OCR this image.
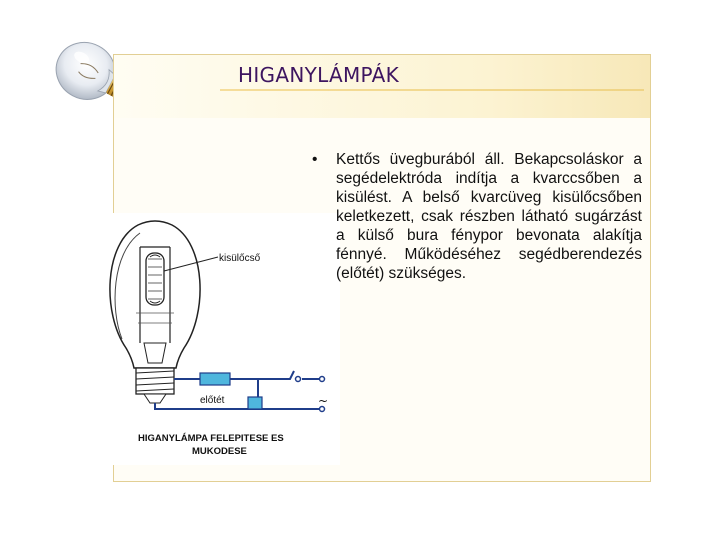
HIGANYLÁMPÁK
kisülőcső
előtét	~
HIGANYLÁMPA FELEPITESE ES
MUKODESE
•	Kettős üvegburából áll. Bekapcsoláskor a segédelektróda indítja a kvarccsőben a kisülést. A belső kvarcüveg kisülőcsőben keletkezett, csak részben látható sugárzást a külső bura fénypor bevonata alakítja fénnyé. Működéséhez segédberendezés (előtét) szükséges.
